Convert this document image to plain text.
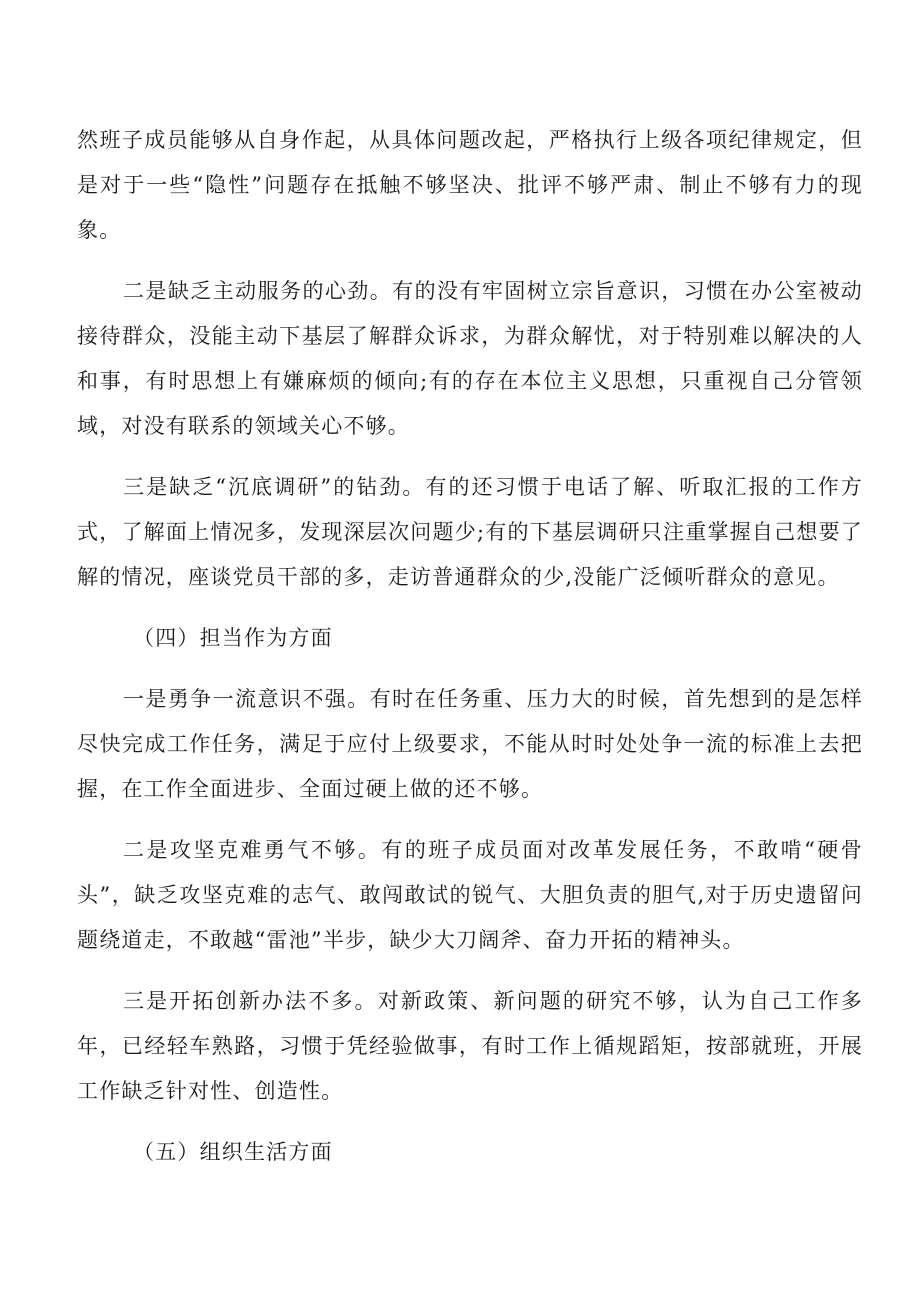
然班子成员能够从自身作起，从具体问题改起，严格执行上级各项纪律规定，但是对于一些“隐性”问题存在抵触不够坚决、批评不够严肃、制止不够有力的现象。

二是缺乏主动服务的心劲。有的没有牢固树立宗旨意识，习惯在办公室被动接待群众，没能主动下基层了解群众诉求，为群众解忧，对于特别难以解决的人和事，有时思想上有嫌麻烦的倾向;有的存在本位主义思想，只重视自己分管领域，对没有联系的领域关心不够。

三是缺乏“沉底调研”的钻劲。有的还习惯于电话了解、听取汇报的工作方式，了解面上情况多，发现深层次问题少;有的下基层调研只注重掌握自己想要了解的情况，座谈党员干部的多，走访普通群众的少,没能广泛倾听群众的意见。

（四）担当作为方面

一是勇争一流意识不强。有时在任务重、压力大的时候，首先想到的是怎样尽快完成工作任务，满足于应付上级要求，不能从时时处处争一流的标准上去把握，在工作全面进步、全面过硬上做的还不够。

二是攻坚克难勇气不够。有的班子成员面对改革发展任务，不敢啃“硬骨头”，缺乏攻坚克难的志气、敢闯敢试的锐气、大胆负责的胆气,对于历史遗留问题绕道走，不敢越“雷池”半步，缺少大刀阔斧、奋力开拓的精神头。

三是开拓创新办法不多。对新政策、新问题的研究不够，认为自己工作多年，已经轻车熟路，习惯于凭经验做事，有时工作上循规蹈矩，按部就班，开展工作缺乏针对性、创造性。

（五）组织生活方面
